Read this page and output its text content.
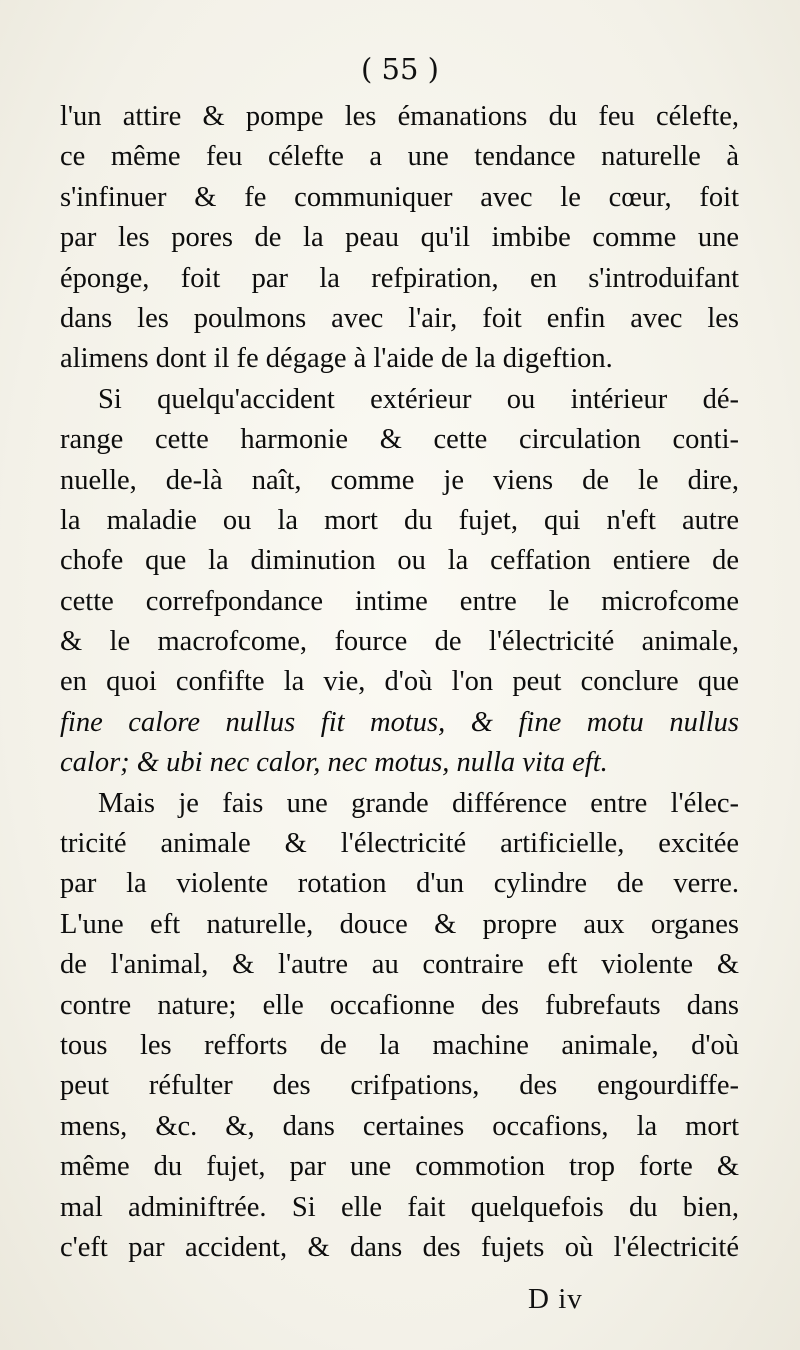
( 55 )
l'un attire & pompe les émanations du feu célefte,
ce même feu célefte a une tendance naturelle à
s'infinuer & fe communiquer avec le cœur, foit
par les pores de la peau qu'il imbibe comme une
éponge, foit par la refpiration, en s'introduifant
dans les poulmons avec l'air, foit enfin avec les
alimens dont il fe dégage à l'aide de la digeftion.
Si quelqu'accident extérieur ou intérieur dé-
range cette harmonie & cette circulation conti-
nuelle, de-là naît, comme je viens de le dire,
la maladie ou la mort du fujet, qui n'eft autre
chofe que la diminution ou la ceffation entiere de
cette correfpondance intime entre le microfcome
& le macrofcome, fource de l'électricité animale,
en quoi confifte la vie, d'où l'on peut conclure que
fine calore nullus fit motus, & fine motu nullus
calor; & ubi nec calor, nec motus, nulla vita eft.
Mais je fais une grande différence entre l'élec-
tricité animale & l'électricité artificielle, excitée
par la violente rotation d'un cylindre de verre.
L'une eft naturelle, douce & propre aux organes
de l'animal, & l'autre au contraire eft violente &
contre nature; elle occafionne des fubrefauts dans
tous les refforts de la machine animale, d'où
peut réfulter des crifpations, des engourdiffe-
mens, &c. &, dans certaines occafions, la mort
même du fujet, par une commotion trop forte &
mal adminiftrée. Si elle fait quelquefois du bien,
c'eft par accident, & dans des fujets où l'électricité
D iv
